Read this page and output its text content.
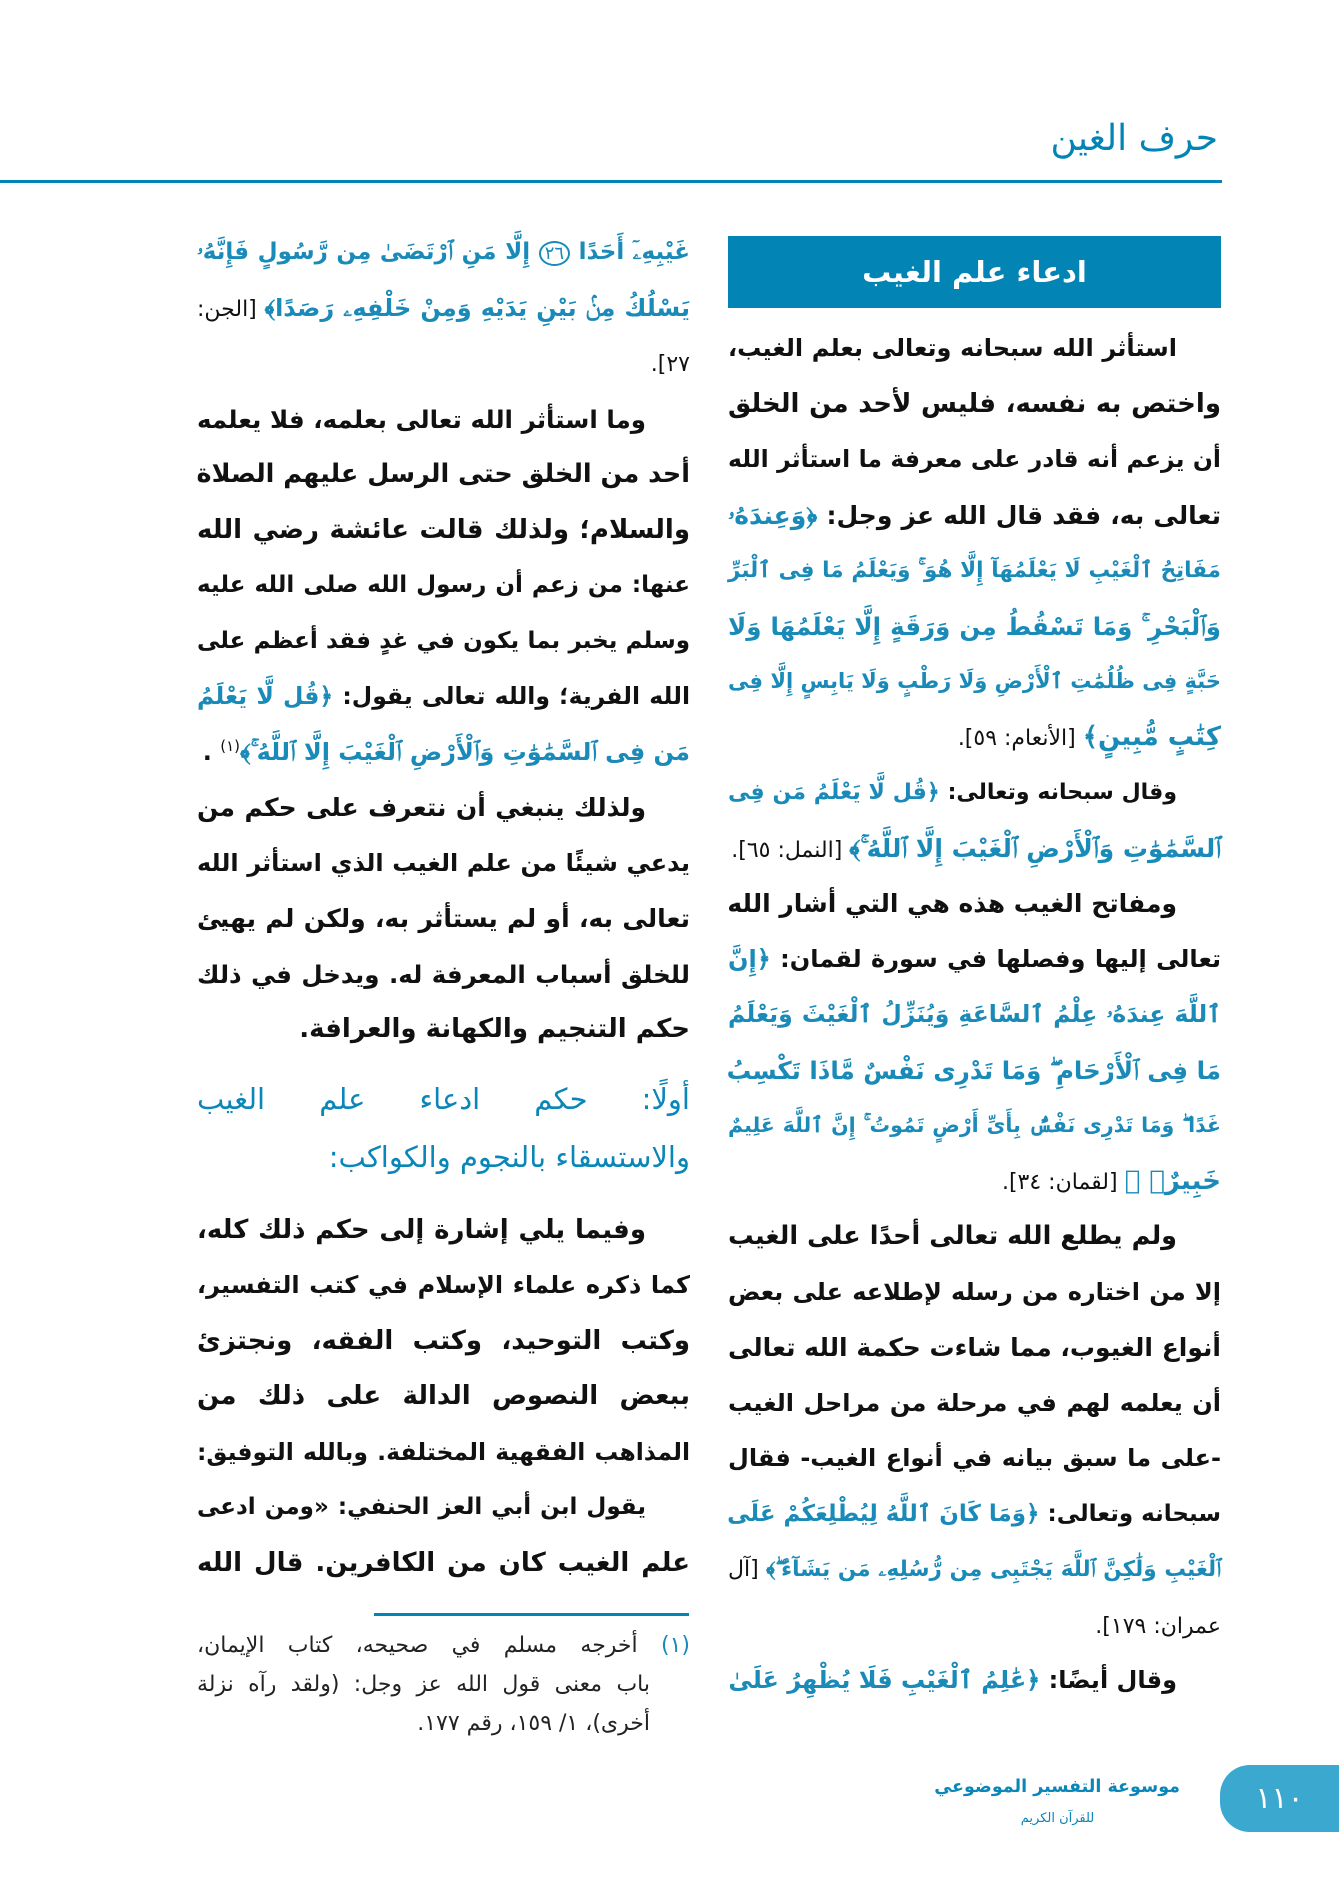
حرف الغين
ادعاء علم الغيب
استأثر الله سبحانه وتعالى بعلم الغيب،
واختص به نفسه، فليس لأحد من الخلق
أن يزعم أنه قادر على معرفة ما استأثر الله
تعالى به، فقد قال الله عز وجل: ﴿وَعِندَهُۥ
مَفَاتِحُ ٱلْغَيْبِ لَا يَعْلَمُهَآ إِلَّا هُوَ ۚ وَيَعْلَمُ مَا فِى ٱلْبَرِّ
وَٱلْبَحْرِ ۚ وَمَا تَسْقُطُ مِن وَرَقَةٍ إِلَّا يَعْلَمُهَا وَلَا
حَبَّةٍ فِى ظُلُمَٰتِ ٱلْأَرْضِ وَلَا رَطْبٍ وَلَا يَابِسٍ إِلَّا فِى
كِتَٰبٍ مُّبِينٍ﴾ [الأنعام: ٥٩].
وقال سبحانه وتعالى: ﴿قُل لَّا يَعْلَمُ مَن فِى
ٱلسَّمَٰوَٰتِ وَٱلْأَرْضِ ٱلْغَيْبَ إِلَّا ٱللَّهُ ۚ﴾ [النمل: ٦٥].
ومفاتح الغيب هذه هي التي أشار الله
تعالى إليها وفصلها في سورة لقمان: ﴿إِنَّ
ٱللَّهَ عِندَهُۥ عِلْمُ ٱلسَّاعَةِ وَيُنَزِّلُ ٱلْغَيْثَ وَيَعْلَمُ
مَا فِى ٱلْأَرْحَامِ ۖ وَمَا تَدْرِى نَفْسٌ مَّاذَا تَكْسِبُ
غَدًا ۖ وَمَا تَدْرِى نَفْسٌۢ بِأَىِّ أَرْضٍ تَمُوتُ ۚ إِنَّ ٱللَّهَ عَلِيمٌ
خَبِيرٌۢ ﴾ [لقمان: ٣٤].
ولم يطلع الله تعالى أحدًا على الغيب
إلا من اختاره من رسله لإطلاعه على بعض
أنواع الغيوب، مما شاءت حكمة الله تعالى
أن يعلمه لهم في مرحلة من مراحل الغيب
-على ما سبق بيانه في أنواع الغيب- فقال
سبحانه وتعالى: ﴿وَمَا كَانَ ٱللَّهُ لِيُطْلِعَكُمْ عَلَى
ٱلْغَيْبِ وَلَٰكِنَّ ٱللَّهَ يَجْتَبِى مِن رُّسُلِهِۦ مَن يَشَآءُ ۖ﴾ [آل
عمران: ١٧٩].
وقال أيضًا: ﴿عَٰلِمُ ٱلْغَيْبِ فَلَا يُظْهِرُ عَلَىٰ
غَيْبِهِۦٓ أَحَدًا ٢٦ إِلَّا مَنِ ٱرْتَضَىٰ مِن رَّسُولٍ فَإِنَّهُۥ
يَسْلُكُ مِنۢ بَيْنِ يَدَيْهِ وَمِنْ خَلْفِهِۦ رَصَدًا﴾ [الجن:
٢٧].
وما استأثر الله تعالى بعلمه، فلا يعلمه
أحد من الخلق حتى الرسل عليهم الصلاة
والسلام؛ ولذلك قالت عائشة رضي الله
عنها: من زعم أن رسول الله صلى الله عليه
وسلم يخبر بما يكون في غدٍ فقد أعظم على
الله الفرية؛ والله تعالى يقول: ﴿قُل لَّا يَعْلَمُ
مَن فِى ٱلسَّمَٰوَٰتِ وَٱلْأَرْضِ ٱلْغَيْبَ إِلَّا ٱللَّهُ ۚ﴾$^{(١)}$ .
ولذلك ينبغي أن نتعرف على حكم من
يدعي شيئًا من علم الغيب الذي استأثر الله
تعالى به، أو لم يستأثر به، ولكن لم يهيئ
للخلق أسباب المعرفة له. ويدخل في ذلك
حكم التنجيم والكهانة والعرافة.
أولًا: حكم ادعاء علم الغيب
والاستسقاء بالنجوم والكواكب:
وفيما يلي إشارة إلى حكم ذلك كله،
كما ذكره علماء الإسلام في كتب التفسير،
وكتب التوحيد، وكتب الفقه، ونجتزئ
ببعض النصوص الدالة على ذلك من
المذاهب الفقهية المختلفة. وبالله التوفيق:
يقول ابن أبي العز الحنفي: «ومن ادعى
علم الغيب كان من الكافرين. قال الله
(١) أخرجه مسلم في صحيحه، كتاب الإيمان،
باب معنى قول الله عز وجل: (ولقد رآه نزلة
أخرى)، ١/ ١٥٩، رقم ١٧٧.
موسوعة التفسير الموضوعي
للقرآن الكريم
١١٠
